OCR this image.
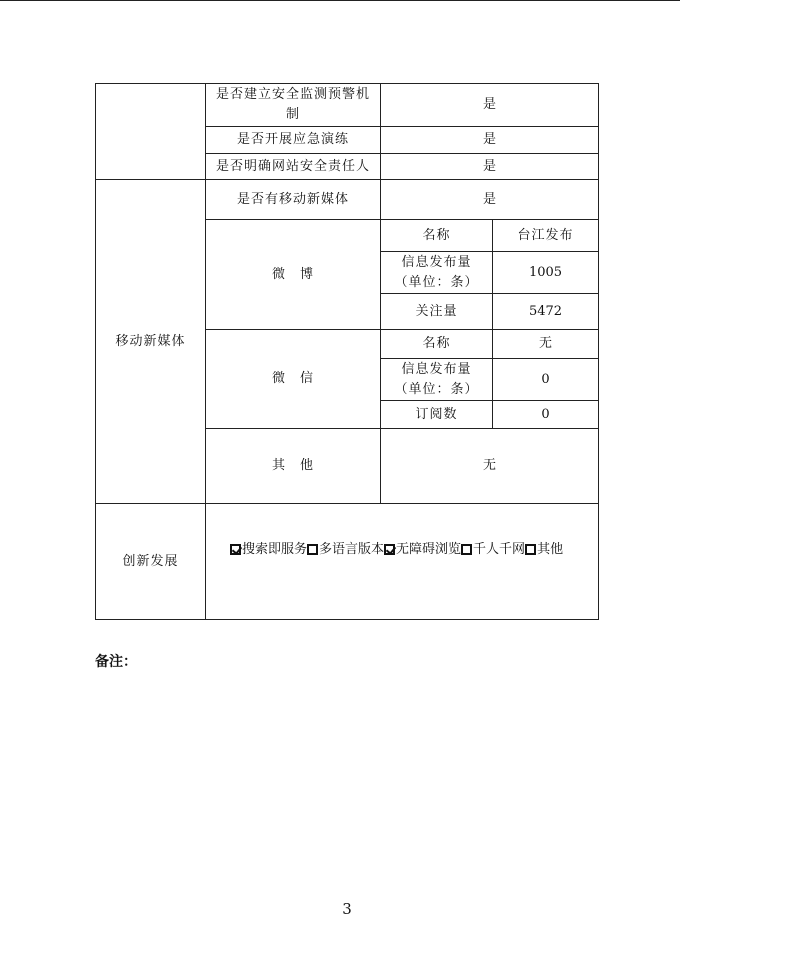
	是否建立安全监测预警机制	是	
	是否开展应急演练	是	
	是否明确网站安全责任人	是	
移动新媒体	是否有移动新媒体	是	
	微　博	名称	台江发布

		信息发布量
（单位：条）	1005
		关注量	5472
	微　信	名称	无

		信息发布量
（单位：条）	0
		订阅数	0
	其　他	无	
创新发展	搜索即服务 多语言版本 无障碍浏览 千人千网 其他		
备注：
3
